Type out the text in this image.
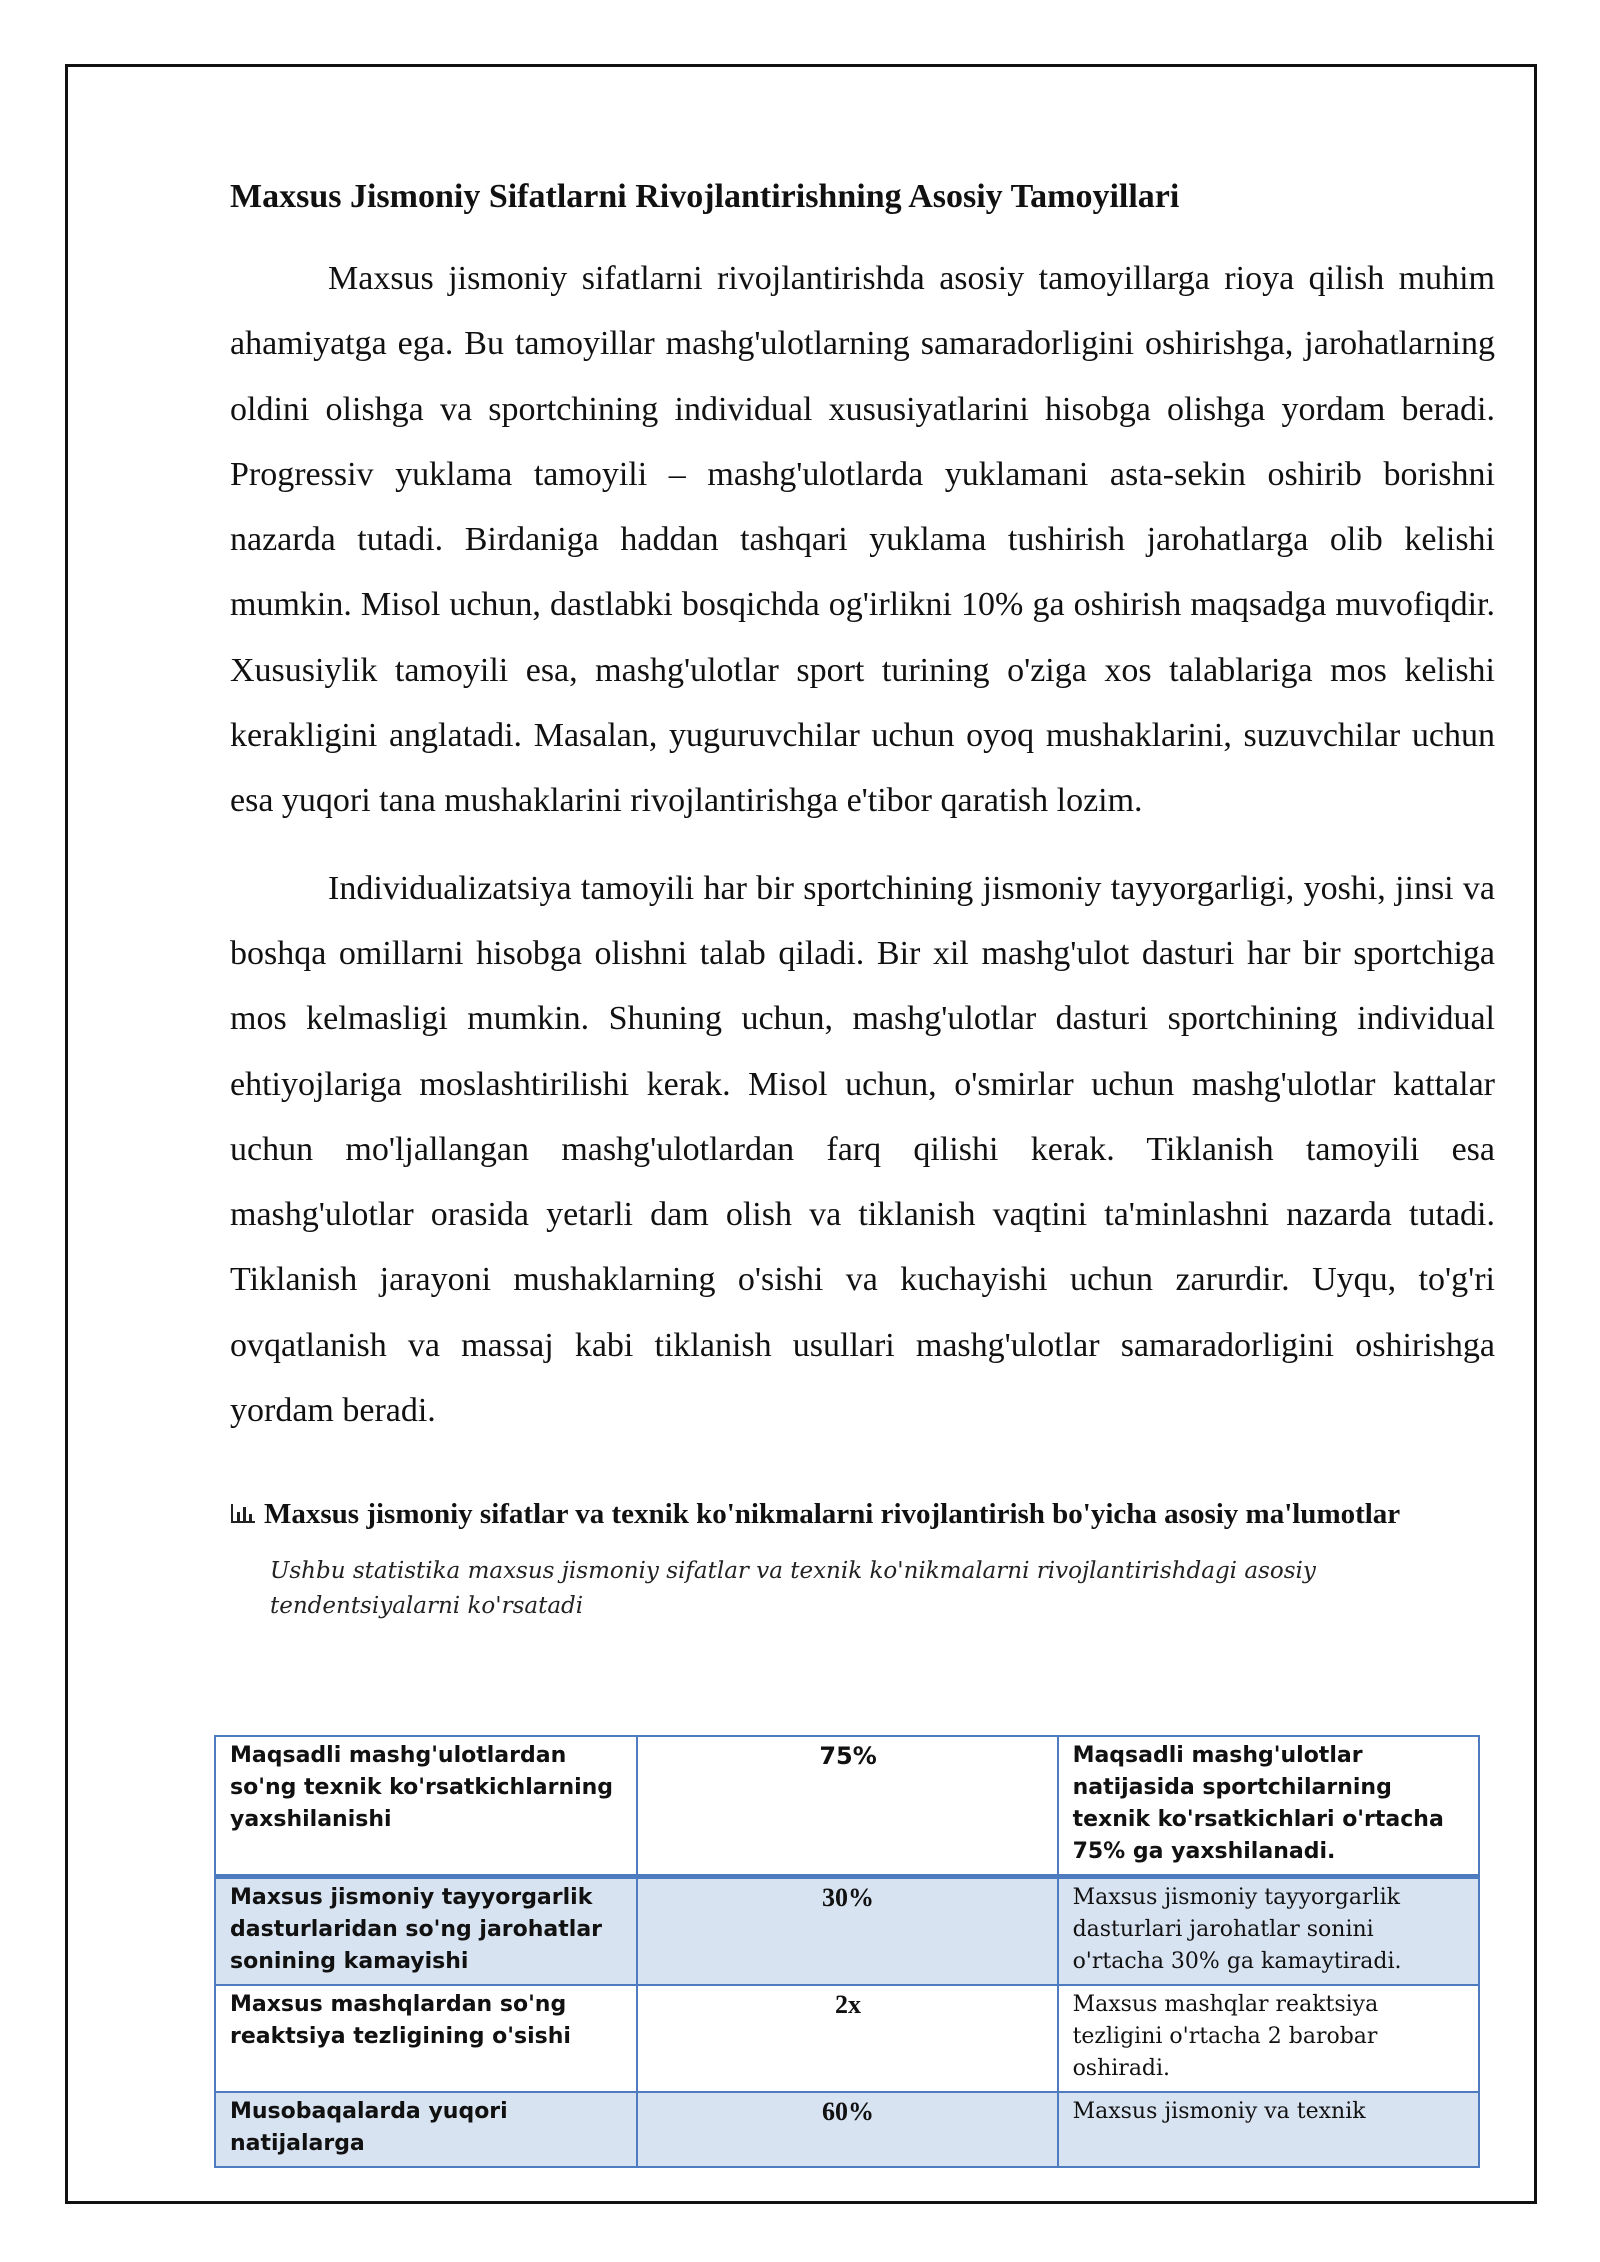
Maxsus Jismoniy Sifatlarni Rivojlantirishning Asosiy Tamoyillari

Maxsus jismoniy sifatlarni rivojlantirishda asosiy tamoyillarga rioya qilish muhim ahamiyatga ega. Bu tamoyillar mashg'ulotlarning samaradorligini oshirishga, jarohatlarning oldini olishga va sportchining individual xususiyatlarini hisobga olishga yordam beradi. Progressiv yuklama tamoyili – mashg'ulotlarda yuklamani asta-sekin oshirib borishni nazarda tutadi. Birdaniga haddan tashqari yuklama tushirish jarohatlarga olib kelishi mumkin. Misol uchun, dastlabki bosqichda og'irlikni 10% ga oshirish maqsadga muvofiqdir. Xususiylik tamoyili esa, mashg'ulotlar sport turining o'ziga xos talablariga mos kelishi kerakligini anglatadi. Masalan, yuguruvchilar uchun oyoq mushaklarini, suzuvchilar uchun esa yuqori tana mushaklarini rivojlantirishga e'tibor qaratish lozim.

Individualizatsiya tamoyili har bir sportchining jismoniy tayyorgarligi, yoshi, jinsi va boshqa omillarni hisobga olishni talab qiladi. Bir xil mashg'ulot dasturi har bir sportchiga mos kelmasligi mumkin. Shuning uchun, mashg'ulotlar dasturi sportchining individual ehtiyojlariga moslashtirilishi kerak. Misol uchun, o'smirlar uchun mashg'ulotlar kattalar uchun mo'ljallangan mashg'ulotlardan farq qilishi kerak. Tiklanish tamoyili esa mashg'ulotlar orasida yetarli dam olish va tiklanish vaqtini ta'minlashni nazarda tutadi. Tiklanish jarayoni mushaklarning o'sishi va kuchayishi uchun zarurdir. Uyqu, to'g'ri ovqatlanish va massaj kabi tiklanish usullari mashg'ulotlar samaradorligini oshirishga yordam beradi.

Maxsus jismoniy sifatlar va texnik ko'nikmalarni rivojlantirish bo'yicha asosiy ma'lumotlar
Ushbu statistika maxsus jismoniy sifatlar va texnik ko'nikmalarni rivojlantirishdagi asosiy tendentsiyalarni ko'rsatadi
Maqsadli mashg'ulotlardan so'ng texnik ko'rsatkichlarning yaxshilanishi	75%	Maqsadli mashg'ulotlar natijasida sportchilarning texnik ko'rsatkichlari o'rtacha 75% ga yaxshilanadi.
Maxsus jismoniy tayyorgarlik dasturlaridan so'ng jarohatlar sonining kamayishi	30%	Maxsus jismoniy tayyorgarlik dasturlari jarohatlar sonini o'rtacha 30% ga kamaytiradi.
Maxsus mashqlardan so'ng reaktsiya tezligining o'sishi	2x	Maxsus mashqlar reaktsiya tezligini o'rtacha 2 barobar oshiradi.
Musobaqalarda yuqori natijalarga	60%	Maxsus jismoniy va texnik
